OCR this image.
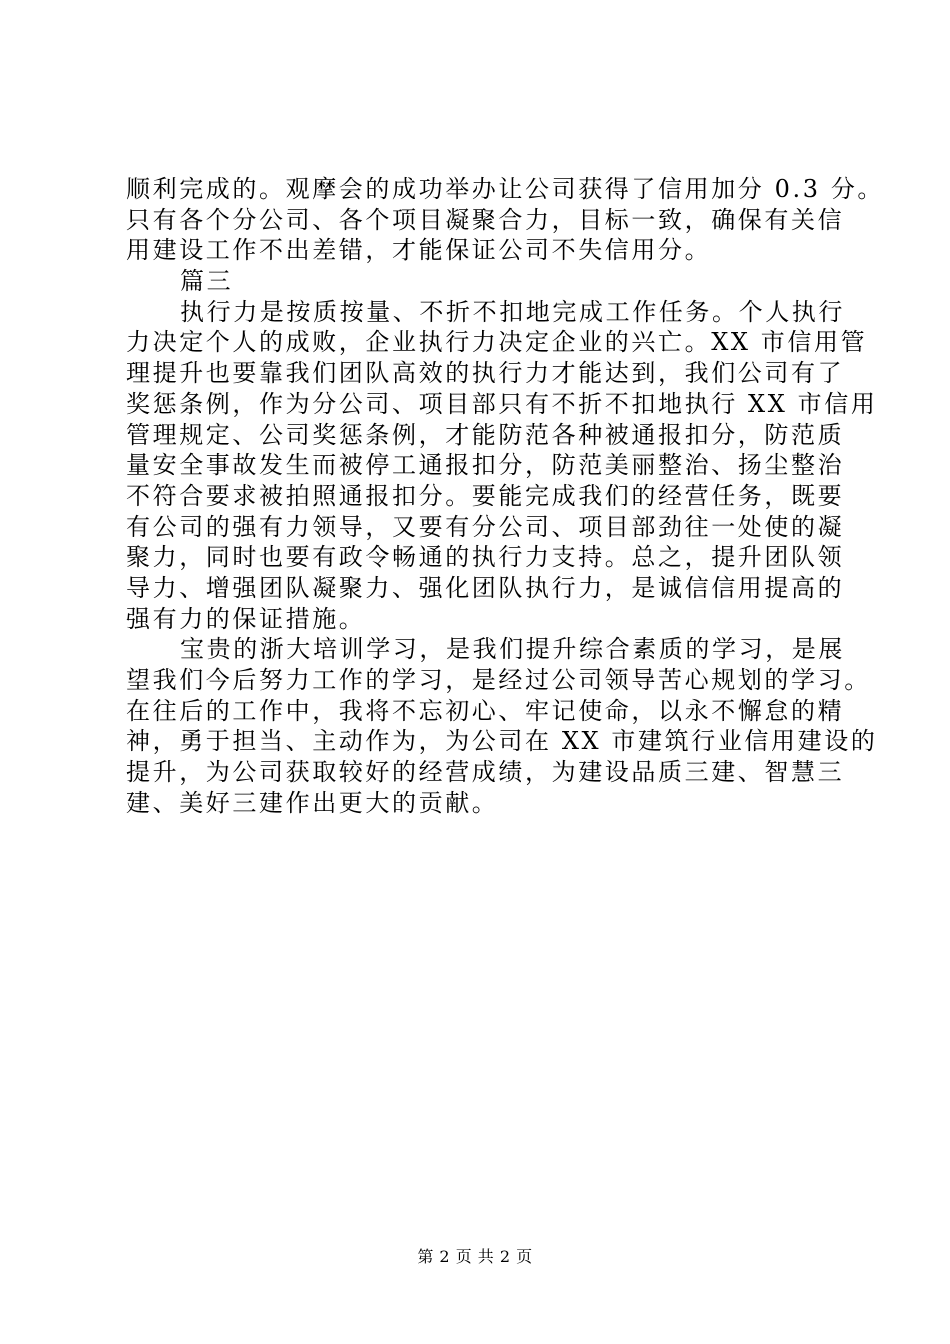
顺利完成的。观摩会的成功举办让公司获得了信用加分 0.3 分。
只有各个分公司、各个项目凝聚合力，目标一致，确保有关信
用建设工作不出差错，才能保证公司不失信用分。
篇三
执行力是按质按量、不折不扣地完成工作任务。个人执行
力决定个人的成败，企业执行力决定企业的兴亡。XX 市信用管
理提升也要靠我们团队高效的执行力才能达到，我们公司有了
奖惩条例，作为分公司、项目部只有不折不扣地执行 XX 市信用
管理规定、公司奖惩条例，才能防范各种被通报扣分，防范质
量安全事故发生而被停工通报扣分，防范美丽整治、扬尘整治
不符合要求被拍照通报扣分。要能完成我们的经营任务，既要
有公司的强有力领导，又要有分公司、项目部劲往一处使的凝
聚力，同时也要有政令畅通的执行力支持。总之，提升团队领
导力、增强团队凝聚力、强化团队执行力，是诚信信用提高的
强有力的保证措施。
宝贵的浙大培训学习，是我们提升综合素质的学习，是展
望我们今后努力工作的学习，是经过公司领导苦心规划的学习。
在往后的工作中，我将不忘初心、牢记使命，以永不懈怠的精
神，勇于担当、主动作为，为公司在 XX 市建筑行业信用建设的
提升，为公司获取较好的经营成绩，为建设品质三建、智慧三
建、美好三建作出更大的贡献。
第 2 页 共 2 页
